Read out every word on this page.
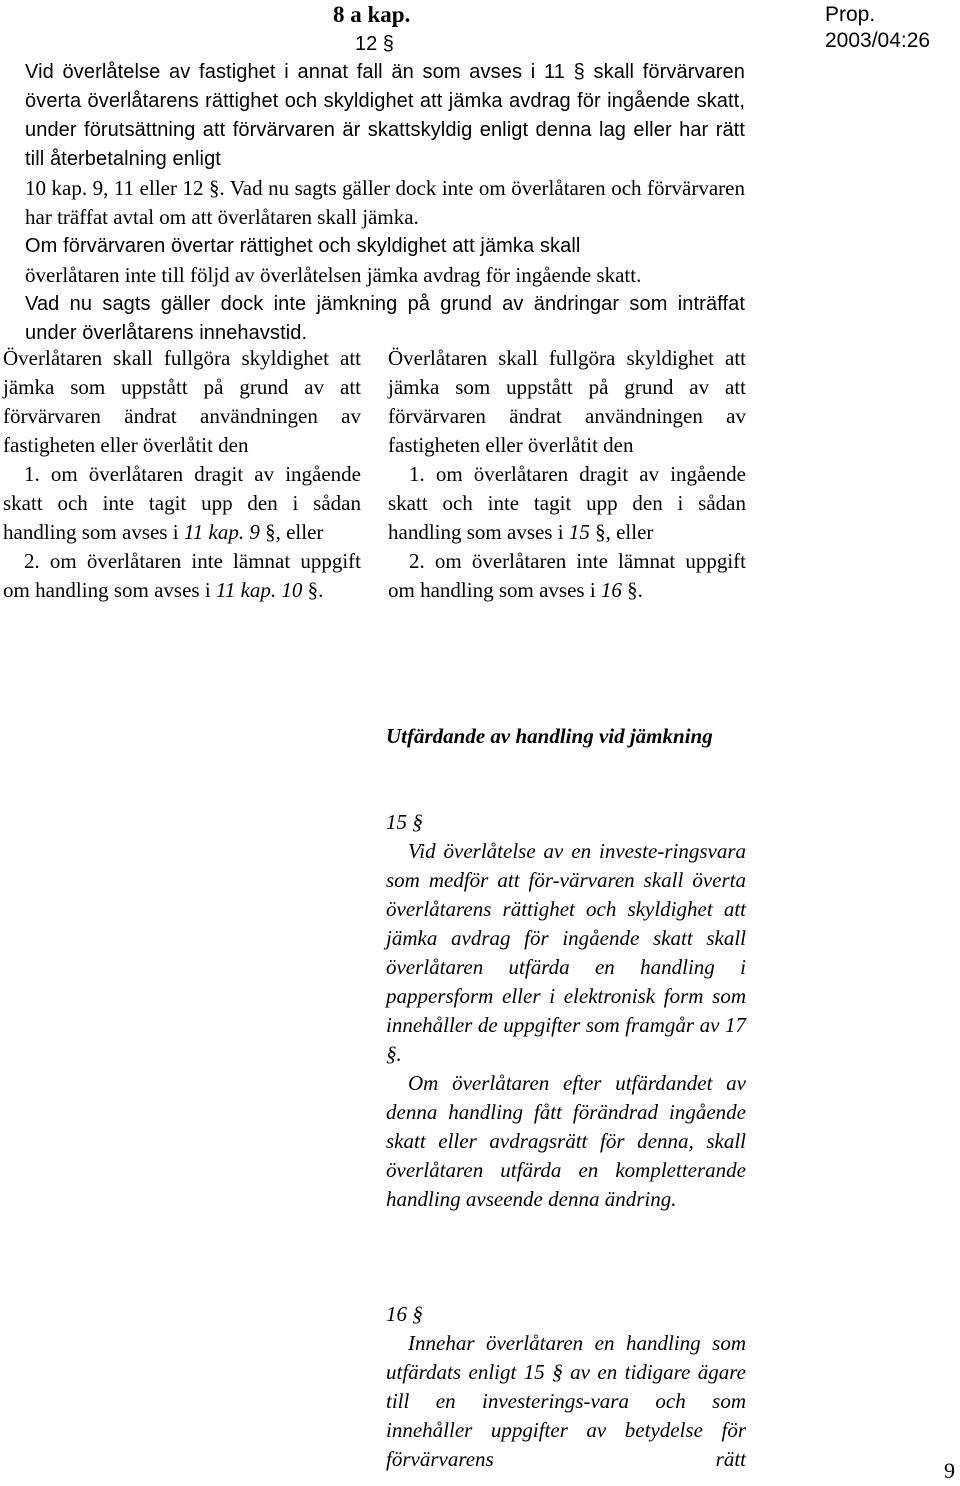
8 a kap.	Prop. 2003/04:26
12 §

Vid överlåtelse av fastighet i annat fall än som avses i 11 § skall förvärvaren överta överlåtarens rättighet och skyldighet att jämka avdrag för ingående skatt, under förutsättning att förvärvaren är skattskyldig enligt denna lag eller har rätt till återbetalning enligt

10 kap. 9, 11 eller 12 §. Vad nu sagts gäller dock inte om överlåtaren och förvärvaren har träffat avtal om att överlåtaren skall jämka.

Om förvärvaren övertar rättighet och skyldighet att jämka skall

överlåtaren inte till följd av överlåtelsen jämka avdrag för ingående skatt.

Vad nu sagts gäller dock inte jämkning på grund av ändringar som inträffat under överlåtarens innehavstid.

Överlåtaren skall fullgöra skyldighet att jämka som uppstått på grund av att förvärvaren ändrat användningen av fastigheten eller överlåtit den

1. om överlåtaren dragit av ingående skatt och inte tagit upp den i sådan handling som avses i 11 kap. 9 §, eller

2. om överlåtaren inte lämnat uppgift om handling som avses i 11 kap. 10 §.

Överlåtaren skall fullgöra skyldighet att jämka som uppstått på grund av att förvärvaren ändrat användningen av fastigheten eller överlåtit den

1. om överlåtaren dragit av ingående skatt och inte tagit upp den i sådan handling som avses i 15 §, eller

2. om överlåtaren inte lämnat uppgift om handling som avses i 16 §.

Utfärdande av handling vid jämkning
15 §

Vid överlåtelse av en investe-ringsvara som medför att för-värvaren skall överta överlåtarens rättighet och skyldighet att jämka avdrag för ingående skatt skall överlåtaren utfärda en handling i pappersform eller i elektronisk form som innehåller de uppgifter som framgår av 17 §.

Om överlåtaren efter utfärdandet av denna handling fått förändrad ingående skatt eller avdragsrätt för denna, skall överlåtaren utfärda en kompletterande handling avseende denna ändring.

16 §

Innehar överlåtaren en handling som utfärdats enligt 15 § av en tidigare ägare till en investerings-vara och som innehåller uppgifter av betydelse för förvärvarens rätt	9
